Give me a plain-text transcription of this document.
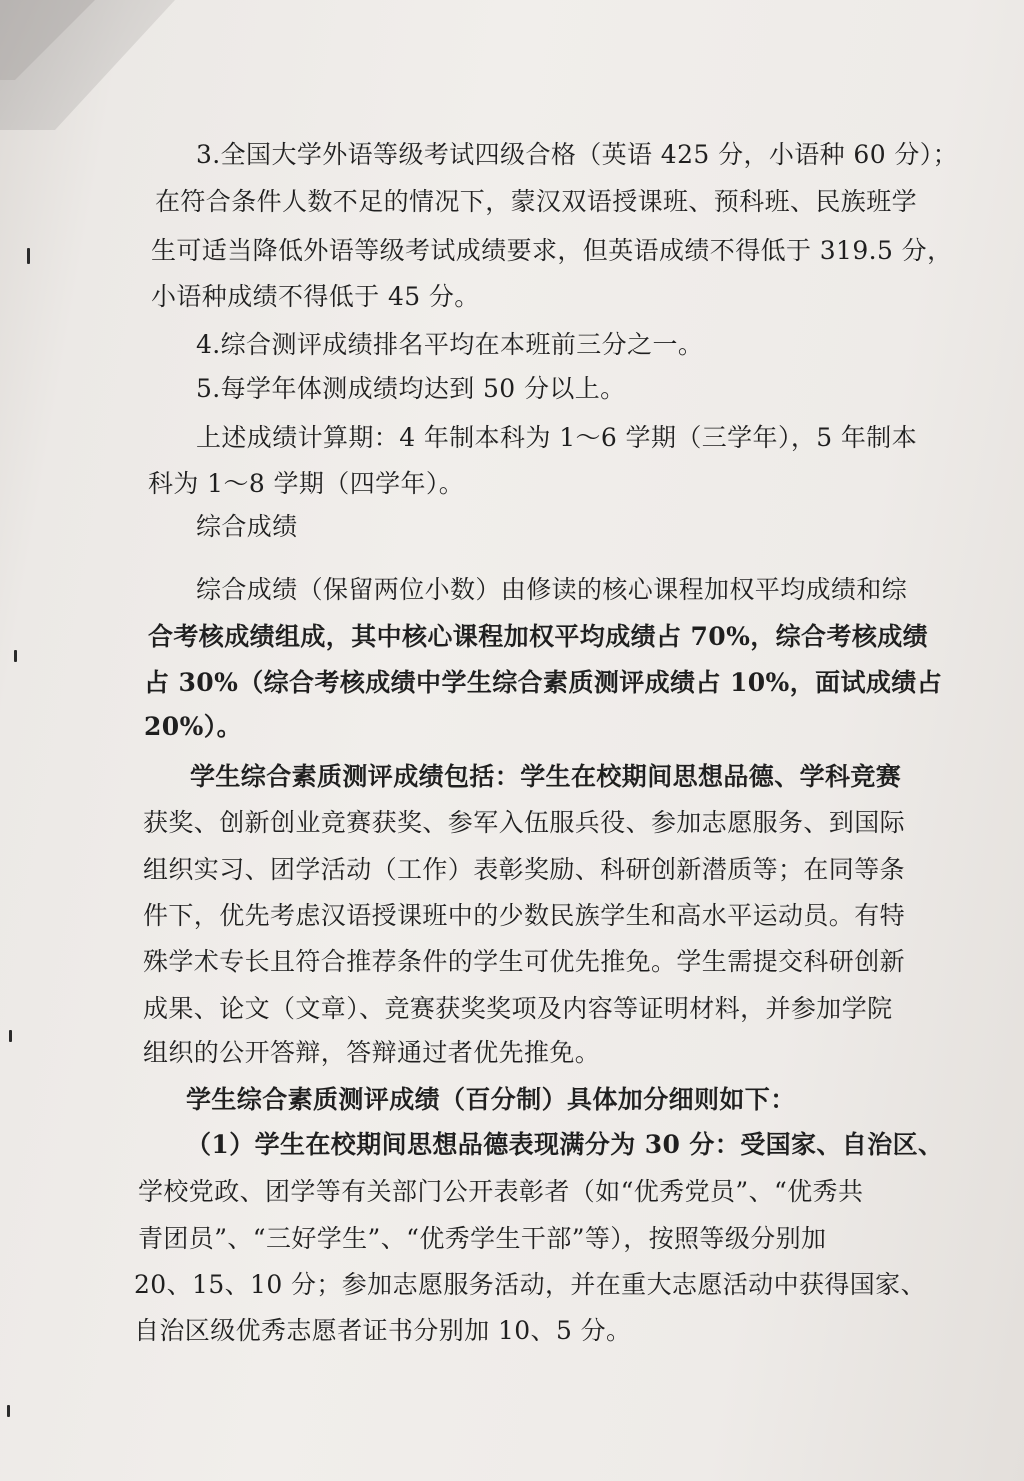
3.全国大学外语等级考试四级合格（英语 425 分，小语种 60 分）；
在符合条件人数不足的情况下，蒙汉双语授课班、预科班、民族班学
生可适当降低外语等级考试成绩要求，但英语成绩不得低于 319.5 分，
小语种成绩不得低于 45 分。
4.综合测评成绩排名平均在本班前三分之一。
5.每学年体测成绩均达到 50 分以上。
上述成绩计算期：4 年制本科为 1～6 学期（三学年），5 年制本
科为 1～8 学期（四学年）。
综合成绩
综合成绩（保留两位小数）由修读的核心课程加权平均成绩和综
合考核成绩组成，其中核心课程加权平均成绩占 70%，综合考核成绩
占 30%（综合考核成绩中学生综合素质测评成绩占 10%，面试成绩占
20%）。
学生综合素质测评成绩包括：学生在校期间思想品德、学科竞赛
获奖、创新创业竞赛获奖、参军入伍服兵役、参加志愿服务、到国际
组织实习、团学活动（工作）表彰奖励、科研创新潜质等；在同等条
件下，优先考虑汉语授课班中的少数民族学生和高水平运动员。有特
殊学术专长且符合推荐条件的学生可优先推免。学生需提交科研创新
成果、论文（文章）、竞赛获奖奖项及内容等证明材料，并参加学院
组织的公开答辩，答辩通过者优先推免。
学生综合素质测评成绩（百分制）具体加分细则如下：
（1）学生在校期间思想品德表现满分为 30 分：受国家、自治区、
学校党政、团学等有关部门公开表彰者（如“优秀党员”、“优秀共
青团员”、“三好学生”、“优秀学生干部”等），按照等级分别加
20、15、10 分；参加志愿服务活动，并在重大志愿活动中获得国家、
自治区级优秀志愿者证书分别加 10、5 分。
